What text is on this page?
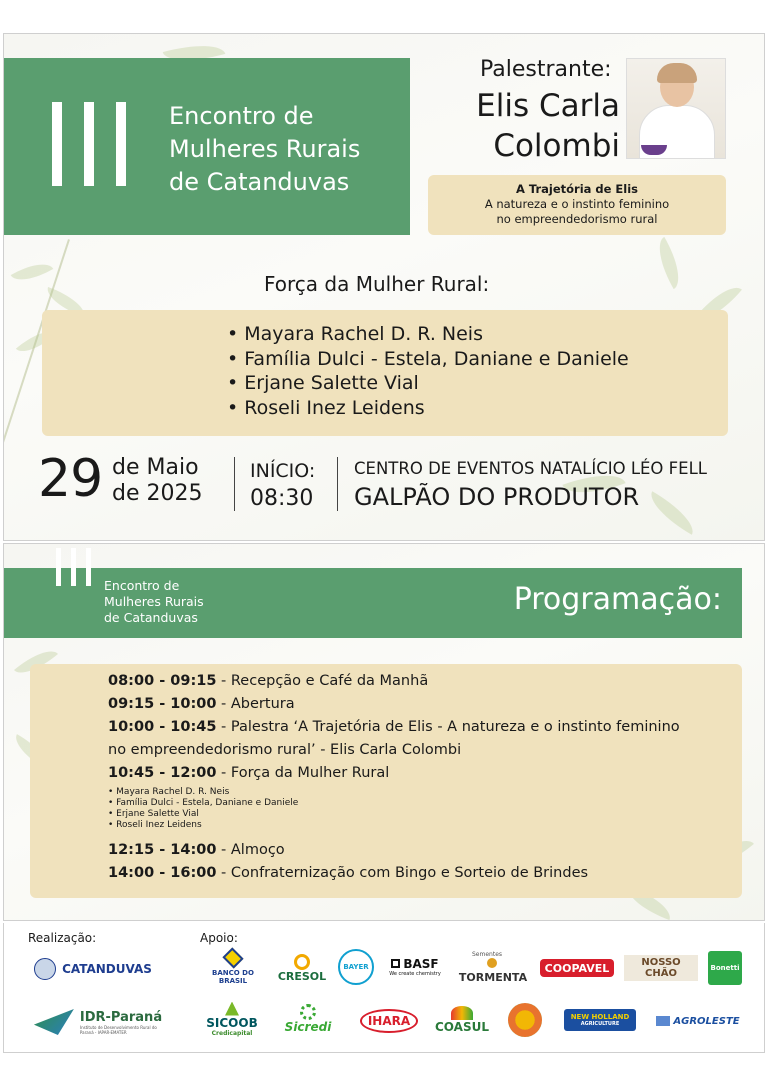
Encontro de
Mulheres Rurais
de Catanduvas
Palestrante:
Elis Carla
Colombi
A Trajetória de Elis
A natureza e o instinto feminino
no empreendedorismo rural
Força da Mulher Rural:
• Mayara Rachel D. R. Neis
• Família Dulci - Estela, Daniane e Daniele
• Erjane Salette Vial
• Roseli Inez Leidens
29 de Maio
de 2025
INÍCIO:
08:30
CENTRO DE EVENTOS NATALÍCIO LÉO FELL
GALPÃO DO PRODUTOR
Encontro de
Mulheres Rurais
de Catanduvas
Programação:
08:00 - 09:15 - Recepção e Café da Manhã
09:15 - 10:00 - Abertura
10:00 - 10:45 - Palestra ‘A Trajetória de Elis - A natureza e o instinto feminino
no empreendedorismo rural’ - Elis Carla Colombi
10:45 - 12:00 - Força da Mulher Rural
• Mayara Rachel D. R. Neis
• Família Dulci - Estela, Daniane e Daniele
• Erjane Salette Vial
• Roseli Inez Leidens
12:15 - 14:00 - Almoço
14:00 - 16:00 - Confraternização com Bingo e Sorteio de Brindes
Realização:	Apoio:
CATANDUVAS
IDR-Paraná
Instituto de Desenvolvimento Rural do Paraná - IAPAR-EMATER
BANCO DO BRASIL	CRESOL
BAYER	BASF
We create chemistry
Sementes
TORMENTA
COOPAVEL	NOSSO CHÃO	Bonetti
SICOOB
Credicapital	Sicredi	IHARA COASUL
NEW HOLLAND
AGRICULTURE	AGROLESTE
